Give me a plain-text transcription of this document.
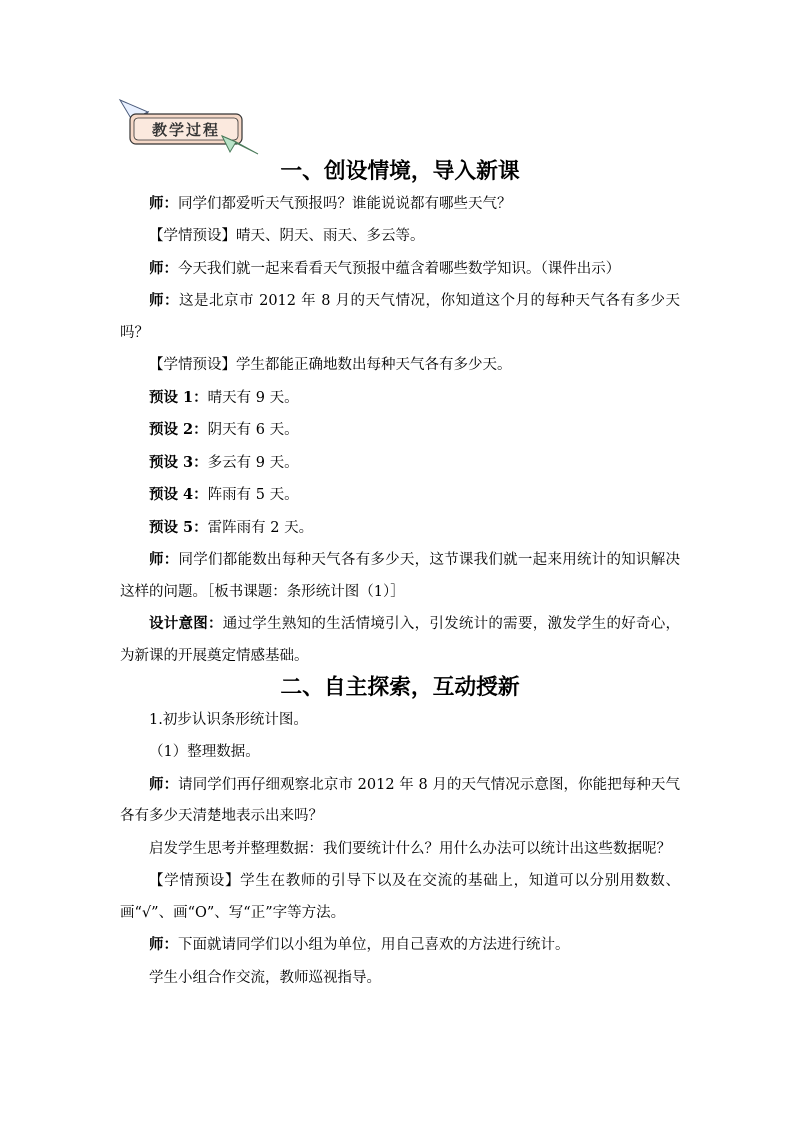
教学过程
一、创设情境，导入新课

师：同学们都爱听天气预报吗？谁能说说都有哪些天气？

【学情预设】晴天、阴天、雨天、多云等。

师：今天我们就一起来看看天气预报中蕴含着哪些数学知识。（课件出示）

师：这是北京市 2012 年 8 月的天气情况，你知道这个月的每种天气各有多少天吗？

【学情预设】学生都能正确地数出每种天气各有多少天。

预设 1：晴天有 9 天。

预设 2：阴天有 6 天。

预设 3：多云有 9 天。

预设 4：阵雨有 5 天。

预设 5：雷阵雨有 2 天。

师：同学们都能数出每种天气各有多少天，这节课我们就一起来用统计的知识解决这样的问题。［板书课题：条形统计图（1）］

设计意图：通过学生熟知的生活情境引入，引发统计的需要，激发学生的好奇心，为新课的开展奠定情感基础。

二、自主探索，互动授新

1.初步认识条形统计图。

（1）整理数据。

师：请同学们再仔细观察北京市 2012 年 8 月的天气情况示意图，你能把每种天气各有多少天清楚地表示出来吗？

启发学生思考并整理数据：我们要统计什么？用什么办法可以统计出这些数据呢？

【学情预设】学生在教师的引导下以及在交流的基础上，知道可以分别用数数、画“√”、画“O”、写“正”字等方法。

师：下面就请同学们以小组为单位，用自己喜欢的方法进行统计。

学生小组合作交流，教师巡视指导。
